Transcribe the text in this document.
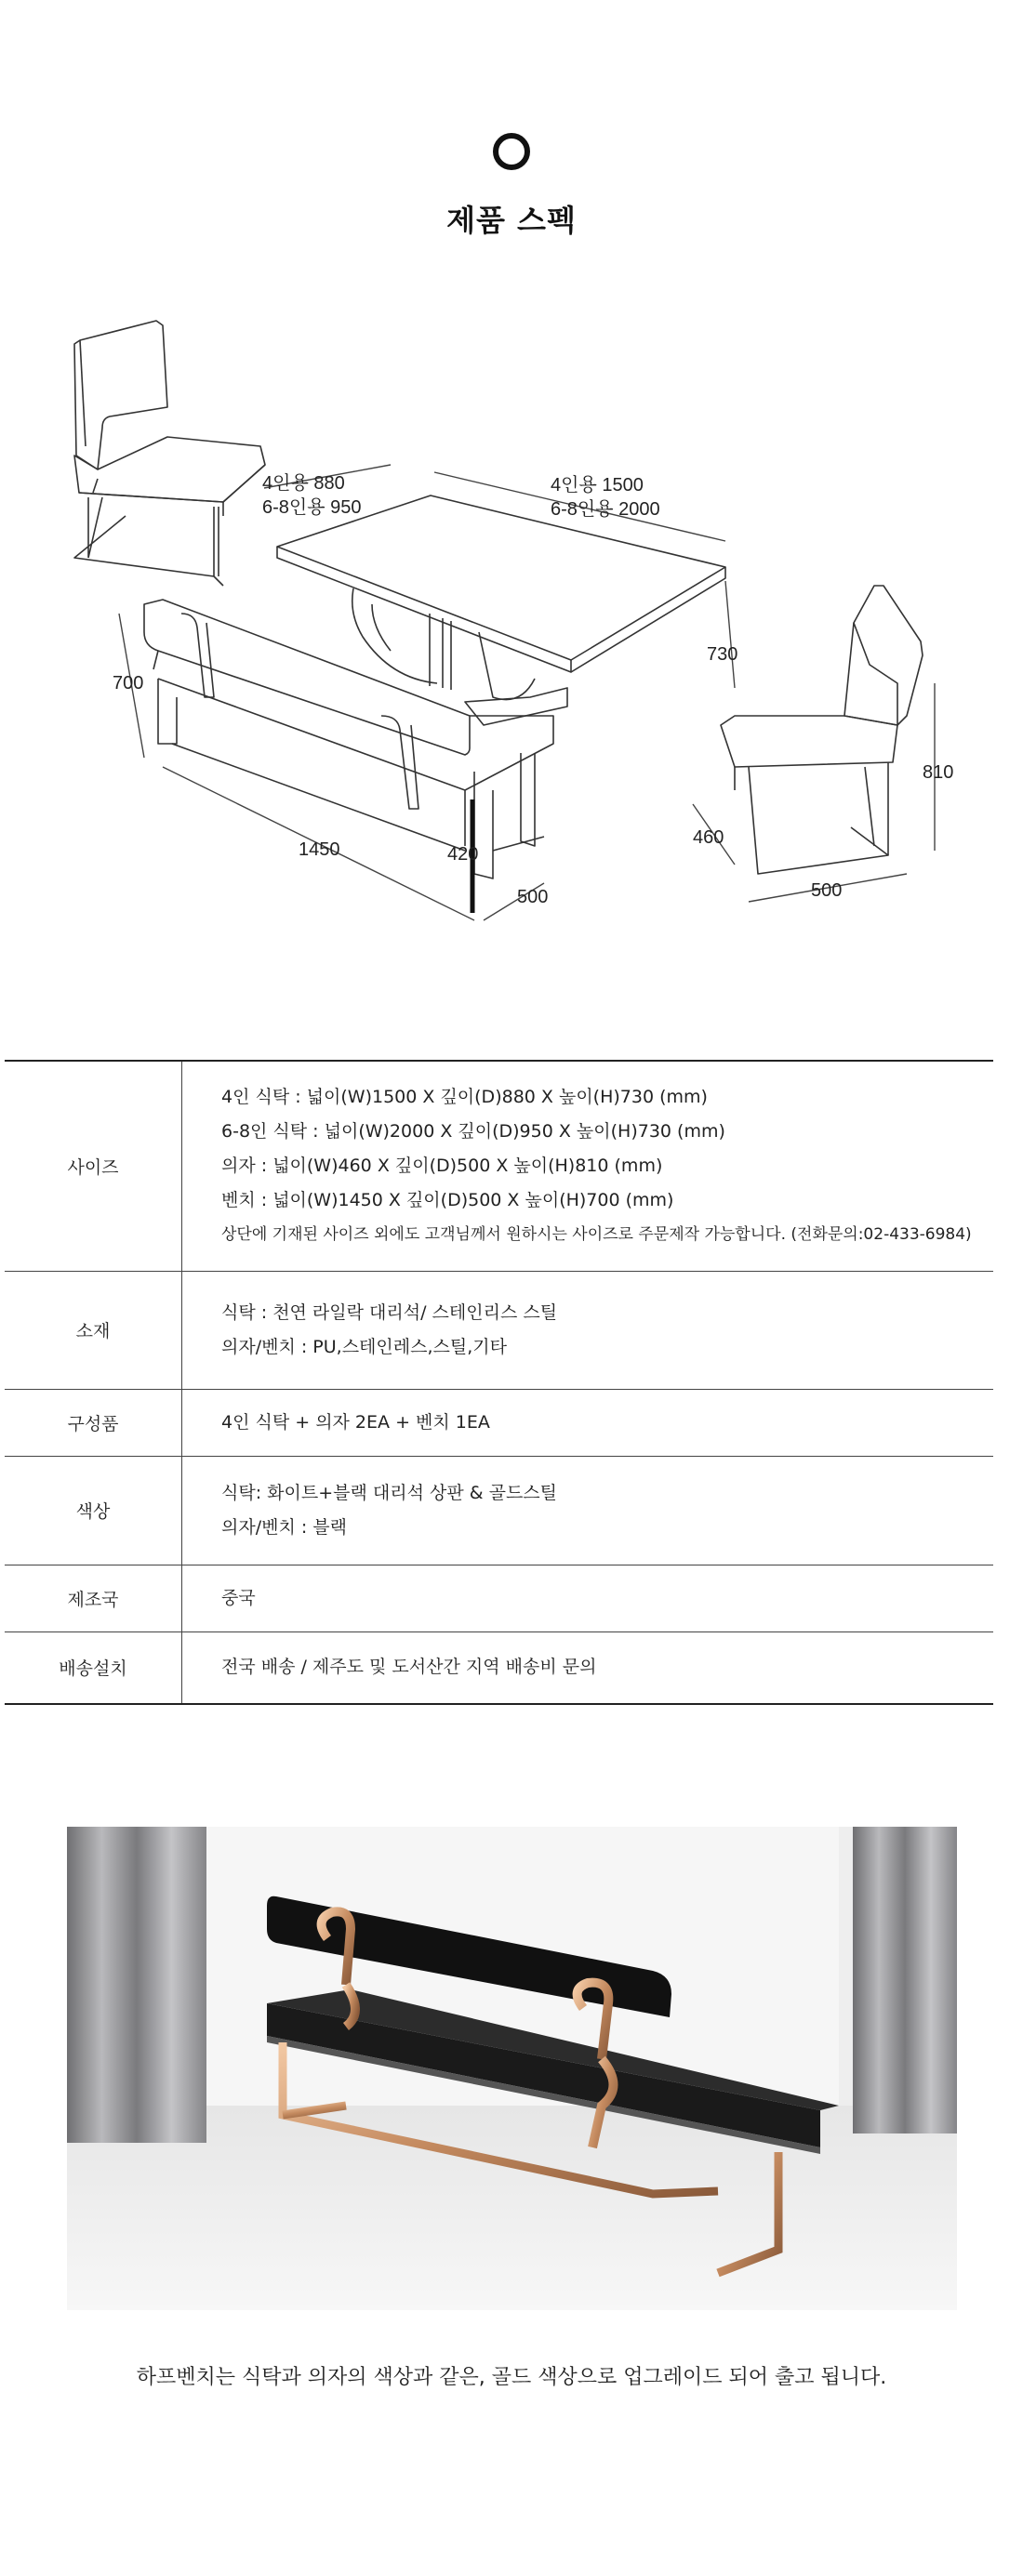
제품 스펙
4인용 880
6-8인용 950
4인용 1500
6-8인용 2000
730
700
1450	420
500
810
460
500
사이즈	4인 식탁 : 넓이(W)1500 X 깊이(D)880 X 높이(H)730 (mm)
6-8인 식탁 : 넓이(W)2000 X 깊이(D)950 X 높이(H)730 (mm)
의자 : 넓이(W)460 X 깊이(D)500 X 높이(H)810 (mm)
벤치 : 넓이(W)1450 X 깊이(D)500 X 높이(H)700 (mm)
상단에 기재된 사이즈 외에도 고객님께서 원하시는 사이즈로 주문제작 가능합니다. (전화문의:02-433-6984)

소재	식탁 : 천연 라일락 대리석/ 스테인리스 스틸
의자/벤치 : PU,스테인레스,스틸,기타

구성품	4인 식탁 + 의자 2EA + 벤치 1EA

색상	식탁: 화이트+블랙 대리석 상판 & 골드스틸
의자/벤치 : 블랙

제조국	중국

배송설치	전국 배송 / 제주도 및 도서산간 지역 배송비 문의
하프벤치는 식탁과 의자의 색상과 같은, 골드 색상으로 업그레이드 되어 출고 됩니다.
